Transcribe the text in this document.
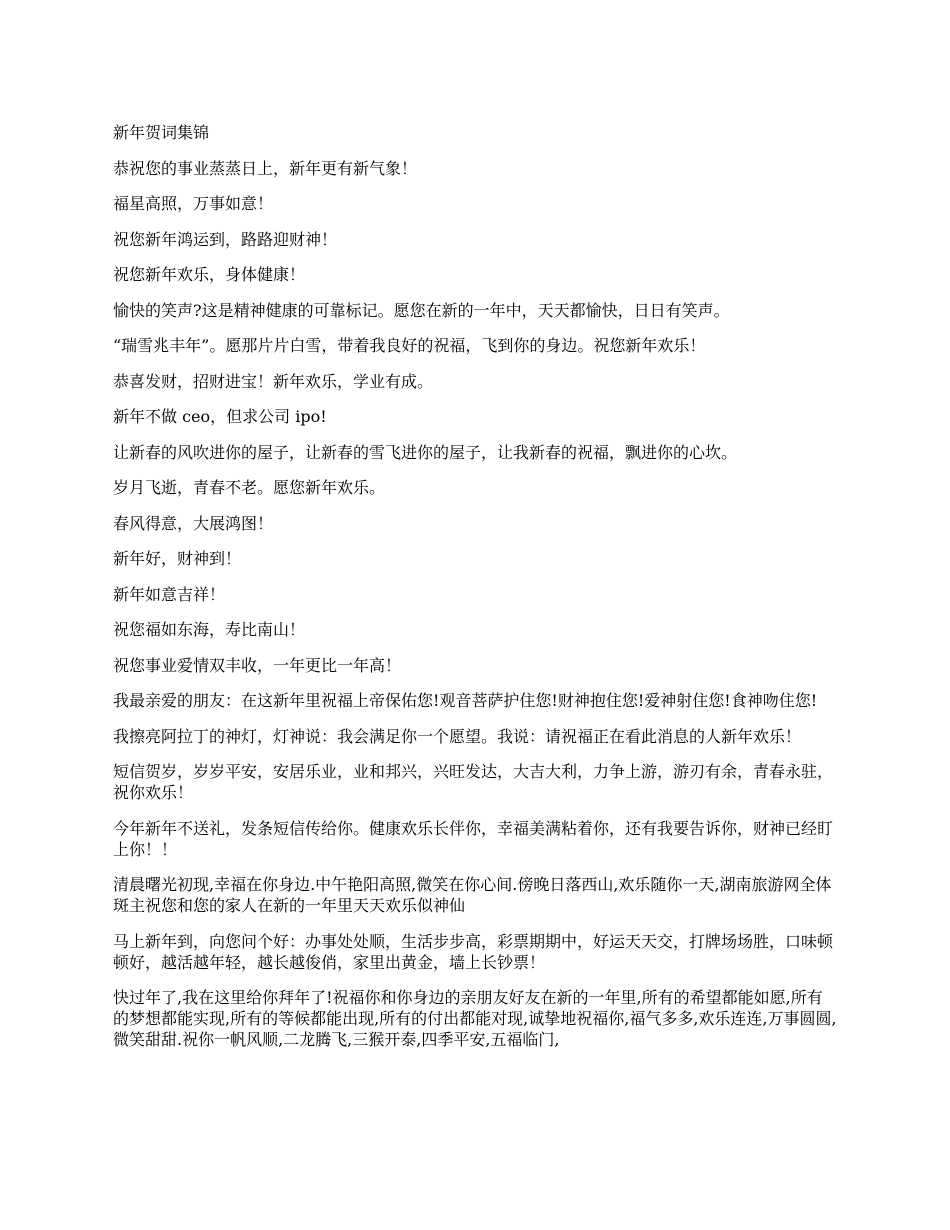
新年贺词集锦

恭祝您的事业蒸蒸日上，新年更有新气象！

福星高照，万事如意！

祝您新年鸿运到，路路迎财神！

祝您新年欢乐，身体健康！

愉快的笑声?这是精神健康的可靠标记。愿您在新的一年中，天天都愉快，日日有笑声。

“瑞雪兆丰年”。愿那片片白雪，带着我良好的祝福，飞到你的身边。祝您新年欢乐！

恭喜发财，招财进宝！新年欢乐，学业有成。

新年不做 ceo，但求公司 ipo!

让新春的风吹进你的屋子，让新春的雪飞进你的屋子，让我新春的祝福，飘进你的心坎。

岁月飞逝，青春不老。愿您新年欢乐。

春风得意，大展鸿图！

新年好，财神到！

新年如意吉祥！

祝您福如东海，寿比南山！

祝您事业爱情双丰收，一年更比一年高！

我最亲爱的朋友：在这新年里祝福上帝保佑您!观音菩萨护住您!财神抱住您!爱神射住您!食神吻住您!

我擦亮阿拉丁的神灯，灯神说：我会满足你一个愿望。我说：请祝福正在看此消息的人新年欢乐！

短信贺岁，岁岁平安，安居乐业，业和邦兴，兴旺发达，大吉大利，力争上游，游刃有余，青春永驻，祝你欢乐！

今年新年不送礼，发条短信传给你。健康欢乐长伴你，幸福美满粘着你，还有我要告诉你，财神已经盯上你！！

清晨曙光初现,幸福在你身边.中午艳阳高照,微笑在你心间.傍晚日落西山,欢乐随你一天,湖南旅游网全体斑主祝您和您的家人在新的一年里天天欢乐似神仙

马上新年到，向您问个好：办事处处顺，生活步步高，彩票期期中，好运天天交，打牌场场胜，口味顿顿好，越活越年轻，越长越俊俏，家里出黄金，墙上长钞票！

快过年了,我在这里给你拜年了!祝福你和你身边的亲朋友好友在新的一年里,所有的希望都能如愿,所有的梦想都能实现,所有的等候都能出现,所有的付出都能对现,诚挚地祝福你,福气多多,欢乐连连,万事圆圆,微笑甜甜.祝你一帆风顺,二龙腾飞,三猴开泰,四季平安,五福临门,
